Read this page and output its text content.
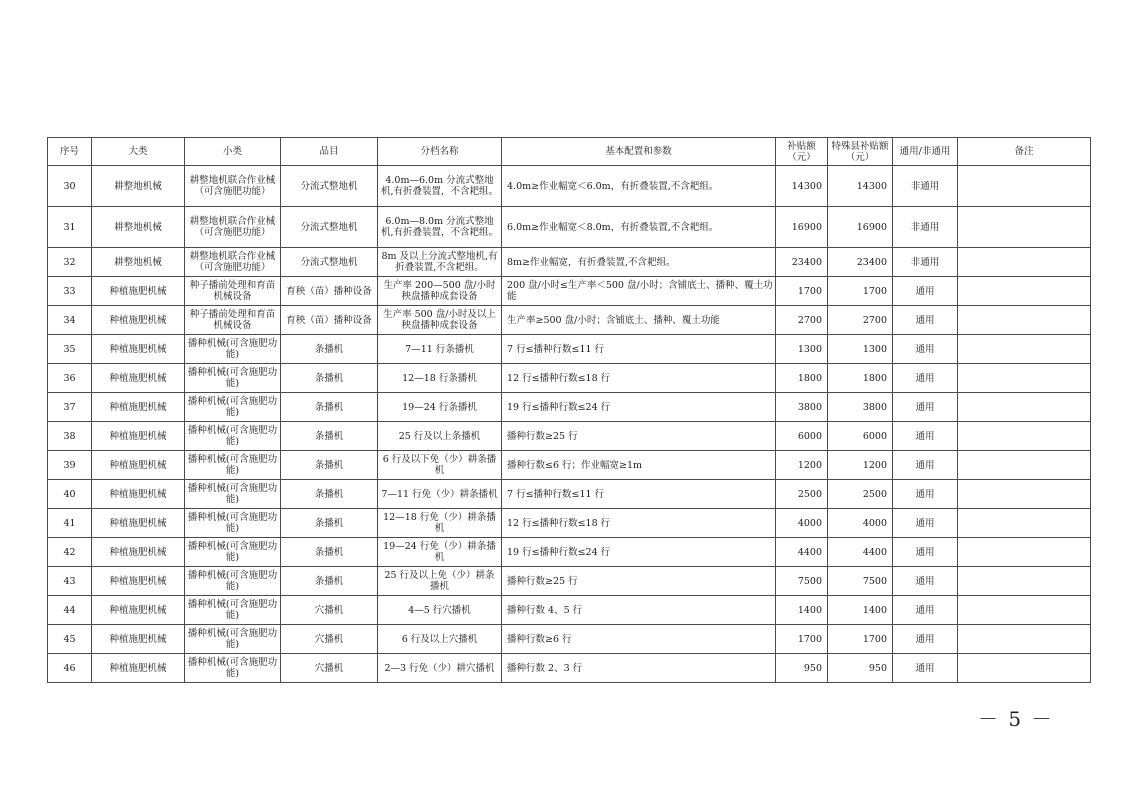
序号	大类	小类	品目	分档名称	基本配置和参数	补贴额（元）	特殊县补贴额（元）	通用/非通用	备注
30	耕整地机械	耕整地机联合作业械（可含施肥功能）	分流式整地机	4.0m—6.0m 分流式整地机,有折叠装置，不含耙组。	4.0m≥作业幅宽＜6.0m，有折叠装置,不含耙组。	14300	14300	非通用	
31	耕整地机械	耕整地机联合作业械（可含施肥功能）	分流式整地机	6.0m—8.0m 分流式整地机,有折叠装置，不含耙组。	6.0m≥作业幅宽＜8.0m，有折叠装置,不含耙组。	16900	16900	非通用	
32	耕整地机械	耕整地机联合作业械（可含施肥功能）	分流式整地机	8m 及以上分流式整地机,有折叠装置,不含耙组。	8m≥作业幅宽，有折叠装置,不含耙组。	23400	23400	非通用	
33	种植施肥机械	种子播前处理和育苗机械设备	育秧（苗）播种设备	生产率 200—500 盘/小时秧盘播种成套设备	200 盘/小时≤生产率＜500 盘/小时；含铺底土、播种、覆土功能	1700	1700	通用	
34	种植施肥机械	种子播前处理和育苗机械设备	育秧（苗）播种设备	生产率 500 盘/小时及以上秧盘播种成套设备	生产率≥500 盘/小时；含铺底土、播种、覆土功能	2700	2700	通用	
35	种植施肥机械	播种机械(可含施肥功能)	条播机	7—11 行条播机	7 行≤播种行数≤11 行	1300	1300	通用	
36	种植施肥机械	播种机械(可含施肥功能)	条播机	12—18 行条播机	12 行≤播种行数≤18 行	1800	1800	通用	
37	种植施肥机械	播种机械(可含施肥功能)	条播机	19—24 行条播机	19 行≤播种行数≤24 行	3800	3800	通用	
38	种植施肥机械	播种机械(可含施肥功能)	条播机	25 行及以上条播机	播种行数≥25 行	6000	6000	通用	
39	种植施肥机械	播种机械(可含施肥功能)	条播机	6 行及以下免（少）耕条播机	播种行数≤6 行；作业幅宽≥1m	1200	1200	通用	
40	种植施肥机械	播种机械(可含施肥功能)	条播机	7—11 行免（少）耕条播机	7 行≤播种行数≤11 行	2500	2500	通用	
41	种植施肥机械	播种机械(可含施肥功能)	条播机	12—18 行免（少）耕条播机	12 行≤播种行数≤18 行	4000	4000	通用	
42	种植施肥机械	播种机械(可含施肥功能)	条播机	19—24 行免（少）耕条播机	19 行≤播种行数≤24 行	4400	4400	通用	
43	种植施肥机械	播种机械(可含施肥功能)	条播机	25 行及以上免（少）耕条播机	播种行数≥25 行	7500	7500	通用	
44	种植施肥机械	播种机械(可含施肥功能)	穴播机	4—5 行穴播机	播种行数 4、5 行	1400	1400	通用	
45	种植施肥机械	播种机械(可含施肥功能)	穴播机	6 行及以上穴播机	播种行数≥6 行	1700	1700	通用	
46	种植施肥机械	播种机械(可含施肥功能)	穴播机	2—3 行免（少）耕穴播机	播种行数 2、3 行	950	950	通用	
－ 5 －
